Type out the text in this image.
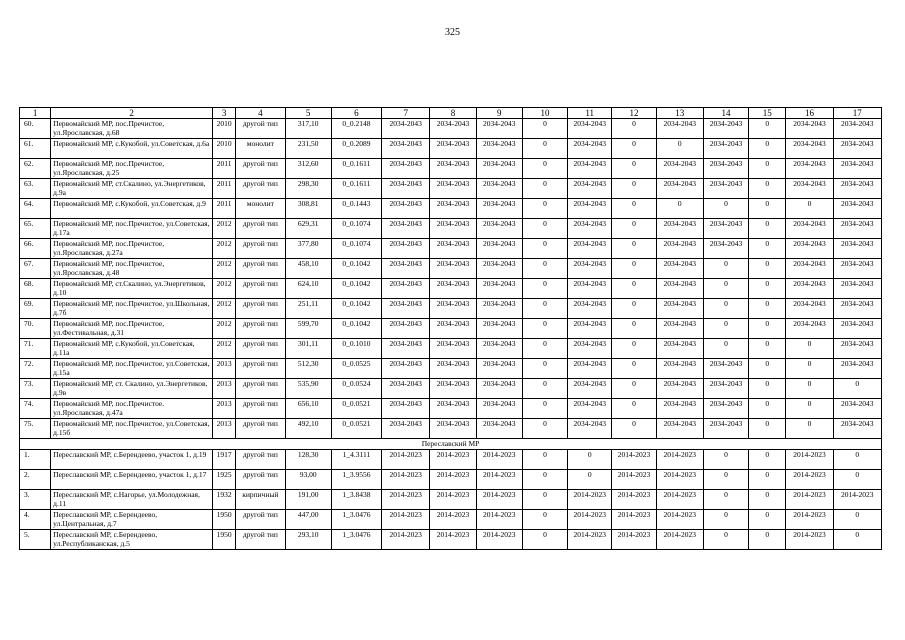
325
1	2	3	4	5	6	7	8	9	10	11	12	13	14	15	16	17
60.	Первомайский МР, пос.Пречистое, ул.Ярославская, д.68	2010	другой тип	317,10	0_0.2148	2034-2043	2034-2043	2034-2043	0	2034-2043	0	2034-2043	2034-2043	0	2034-2043	2034-2043
61.	Первомайский МР, с.Кукобой, ул.Советская, д.6а	2010	монолит	231,50	0_0.2089	2034-2043	2034-2043	2034-2043	0	2034-2043	0	0	2034-2043	0	2034-2043	2034-2043
62.	Первомайский МР, пос.Пречистое, ул.Ярославская, д.25	2011	другой тип	312,60	0_0.1611	2034-2043	2034-2043	2034-2043	0	2034-2043	0	2034-2043	2034-2043	0	2034-2043	2034-2043
63.	Первомайский МР, ст.Скалино, ул.Энергетиков, д.9а	2011	другой тип	298,30	0_0.1611	2034-2043	2034-2043	2034-2043	0	2034-2043	0	2034-2043	2034-2043	0	2034-2043	2034-2043
64.	Первомайский МР, с.Кукобой, ул.Советская, д.9	2011	монолит	308,81	0_0.1443	2034-2043	2034-2043	2034-2043	0	2034-2043	0	0	0	0	0	2034-2043
65.	Первомайский МР, пос.Пречистое, ул.Советская, д.17а	2012	другой тип	629,31	0_0.1074	2034-2043	2034-2043	2034-2043	0	2034-2043	0	2034-2043	2034-2043	0	2034-2043	2034-2043
66.	Первомайский МР, пос.Пречистое, ул.Ярославская, д.27а	2012	другой тип	377,80	0_0.1074	2034-2043	2034-2043	2034-2043	0	2034-2043	0	2034-2043	2034-2043	0	2034-2043	2034-2043
67.	Первомайский МР, пос.Пречистое, ул.Ярославская, д.48	2012	другой тип	458,10	0_0.1042	2034-2043	2034-2043	2034-2043	0	2034-2043	0	2034-2043	0	0	2034-2043	2034-2043
68.	Первомайский МР, ст.Скалино, ул.Энергетиков, д.10	2012	другой тип	624,10	0_0.1042	2034-2043	2034-2043	2034-2043	0	2034-2043	0	2034-2043	0	0	2034-2043	2034-2043
69.	Первомайский МР, пос.Пречистое, ул.Школьная, д.7б	2012	другой тип	251,11	0_0.1042	2034-2043	2034-2043	2034-2043	0	2034-2043	0	2034-2043	0	0	2034-2043	2034-2043
70.	Первомайский МР, пос.Пречистое, ул.Фестивальная, д.31	2012	другой тип	599,70	0_0.1042	2034-2043	2034-2043	2034-2043	0	2034-2043	0	2034-2043	0	0	2034-2043	2034-2043
71.	Первомайский МР, с.Кукобой, ул.Советская, д.11а	2012	другой тип	301,11	0_0.1010	2034-2043	2034-2043	2034-2043	0	2034-2043	0	2034-2043	0	0	0	2034-2043
72.	Первомайский МР, пос.Пречистое, ул.Советская, д.15а	2013	другой тип	512,30	0_0.0525	2034-2043	2034-2043	2034-2043	0	2034-2043	0	2034-2043	2034-2043	0	0	2034-2043
73.	Первомайский МР, ст. Скалино, ул.Энергетиков, д.9в	2013	другой тип	535,90	0_0.0524	2034-2043	2034-2043	2034-2043	0	2034-2043	0	2034-2043	2034-2043	0	0	0
74.	Первомайский МР, пос.Пречистое. ул.Ярославская, д.47а	2013	другой тип	656,10	0_0.0521	2034-2043	2034-2043	2034-2043	0	2034-2043	0	2034-2043	2034-2043	0	0	2034-2043
75.	Первомайский МР, пос.Пречистое, ул.Советская, д.15б	2013	другой тип	492,10	0_0.0521	2034-2043	2034-2043	2034-2043	0	2034-2043	0	2034-2043	2034-2043	0	0	2034-2043
Переславский МР																
1.	Переславский МР, с.Берендеево, участок 1, д.19	1917	другой тип	128,30	1_4.3111	2014-2023	2014-2023	2014-2023	0	0	2014-2023	2014-2023	0	0	2014-2023	0
2.	Переславский МР, с.Берендеево, участок 1, д.17	1925	другой тип	93,00	1_3.9556	2014-2023	2014-2023	2014-2023	0	0	2014-2023	2014-2023	0	0	2014-2023	0
3.	Переславский МР, с.Нагорье, ул.Молодежная, д.11	1932	кирпичный	191,00	1_3.8438	2014-2023	2014-2023	2014-2023	0	2014-2023	2014-2023	2014-2023	0	0	2014-2023	2014-2023
4.	Переславский МР, с.Берендеево, ул.Центральная, д.7	1950	другой тип	447,00	1_3.0476	2014-2023	2014-2023	2014-2023	0	2014-2023	2014-2023	2014-2023	0	0	2014-2023	0
5.	Переславский МР, с.Берендеево, ул.Республиканская, д.5	1950	другой тип	293,10	1_3.0476	2014-2023	2014-2023	2014-2023	0	2014-2023	2014-2023	2014-2023	0	0	2014-2023	0
